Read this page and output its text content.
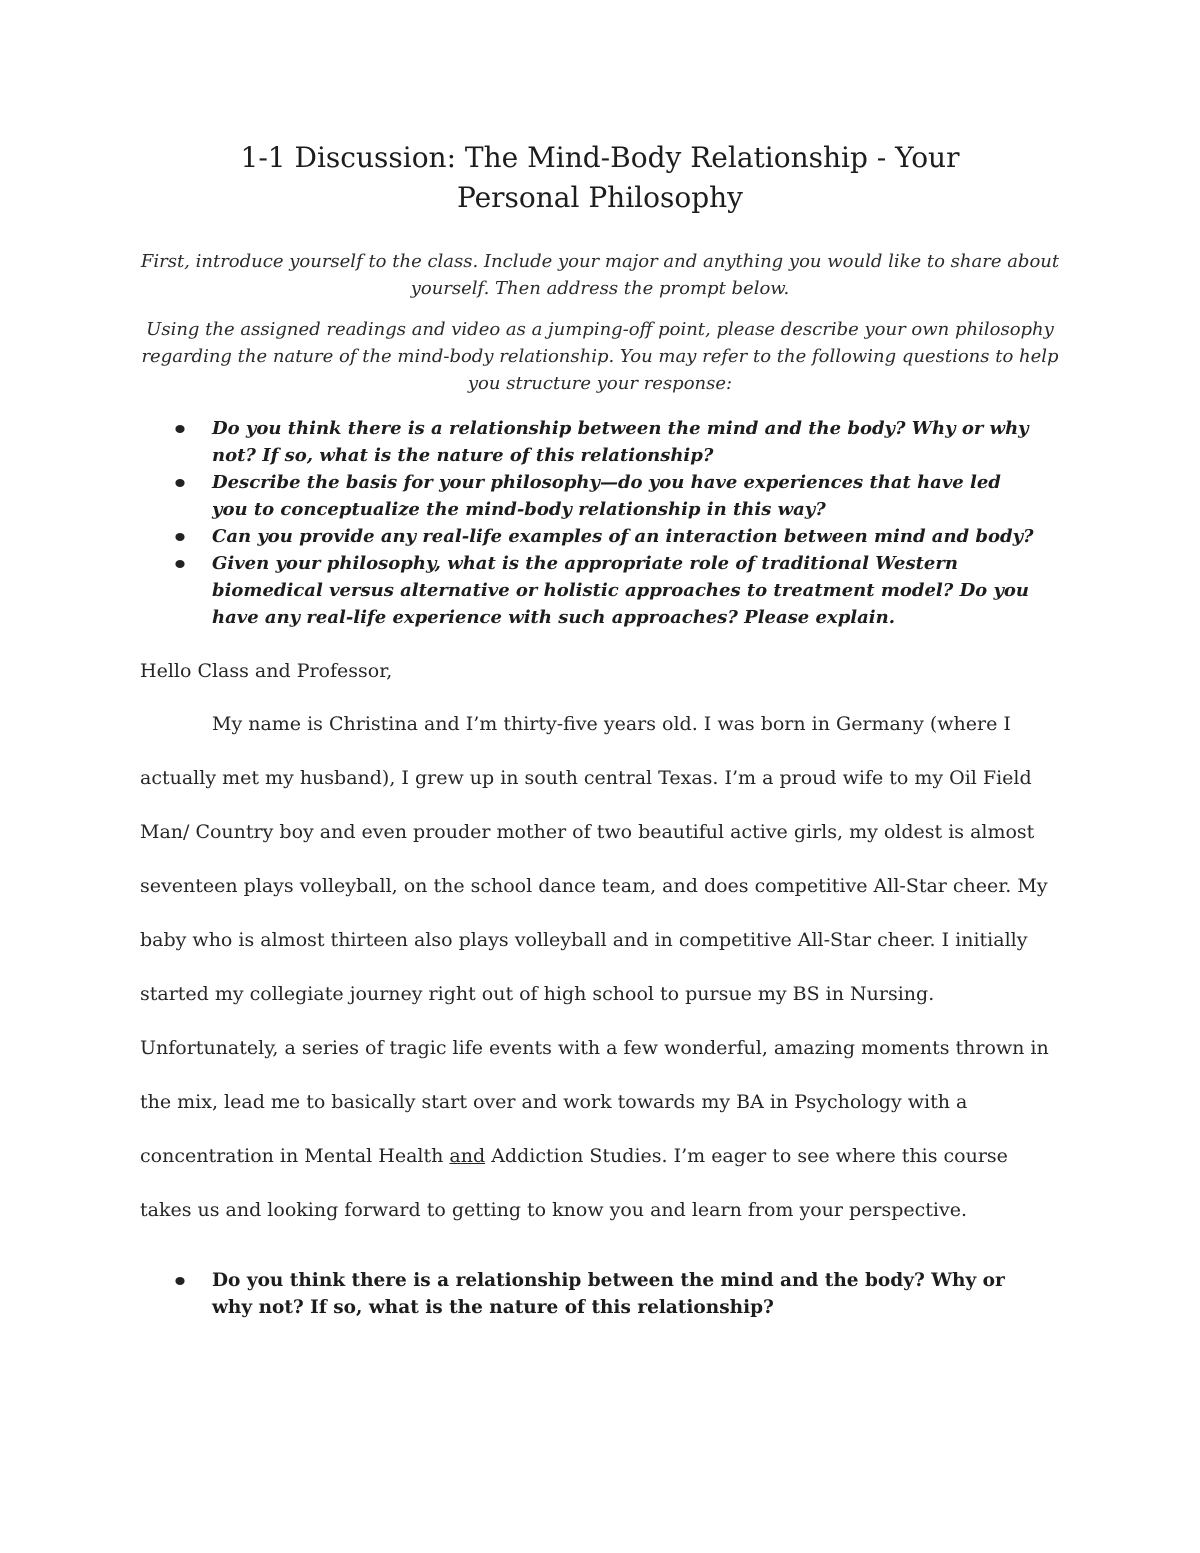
1-1 Discussion: The Mind-Body Relationship - Your Personal Philosophy

First, introduce yourself to the class. Include your major and anything you would like to share about yourself. Then address the prompt below.

Using the assigned readings and video as a jumping-off point, please describe your own philosophy regarding the nature of the mind-body relationship. You may refer to the following questions to help you structure your response:

Do you think there is a relationship between the mind and the body? Why or why not? If so, what is the nature of this relationship?
Describe the basis for your philosophy—do you have experiences that have led you to conceptualize the mind-body relationship in this way?
Can you provide any real-life examples of an interaction between mind and body?
Given your philosophy, what is the appropriate role of traditional Western biomedical versus alternative or holistic approaches to treatment model? Do you have any real-life experience with such approaches? Please explain.

Hello Class and Professor,

My name is Christina and I’m thirty-five years old. I was born in Germany (where I actually met my husband), I grew up in south central Texas. I’m a proud wife to my Oil Field Man/ Country boy and even prouder mother of two beautiful active girls, my oldest is almost seventeen plays volleyball, on the school dance team, and does competitive All-Star cheer. My baby who is almost thirteen also plays volleyball and in competitive All-Star cheer. I initially started my collegiate journey right out of high school to pursue my BS in Nursing. Unfortunately, a series of tragic life events with a few wonderful, amazing moments thrown in the mix, lead me to basically start over and work towards my BA in Psychology with a concentration in Mental Health and Addiction Studies. I’m eager to see where this course takes us and looking forward to getting to know you and learn from your perspective.

Do you think there is a relationship between the mind and the body? Why or why not? If so, what is the nature of this relationship?
